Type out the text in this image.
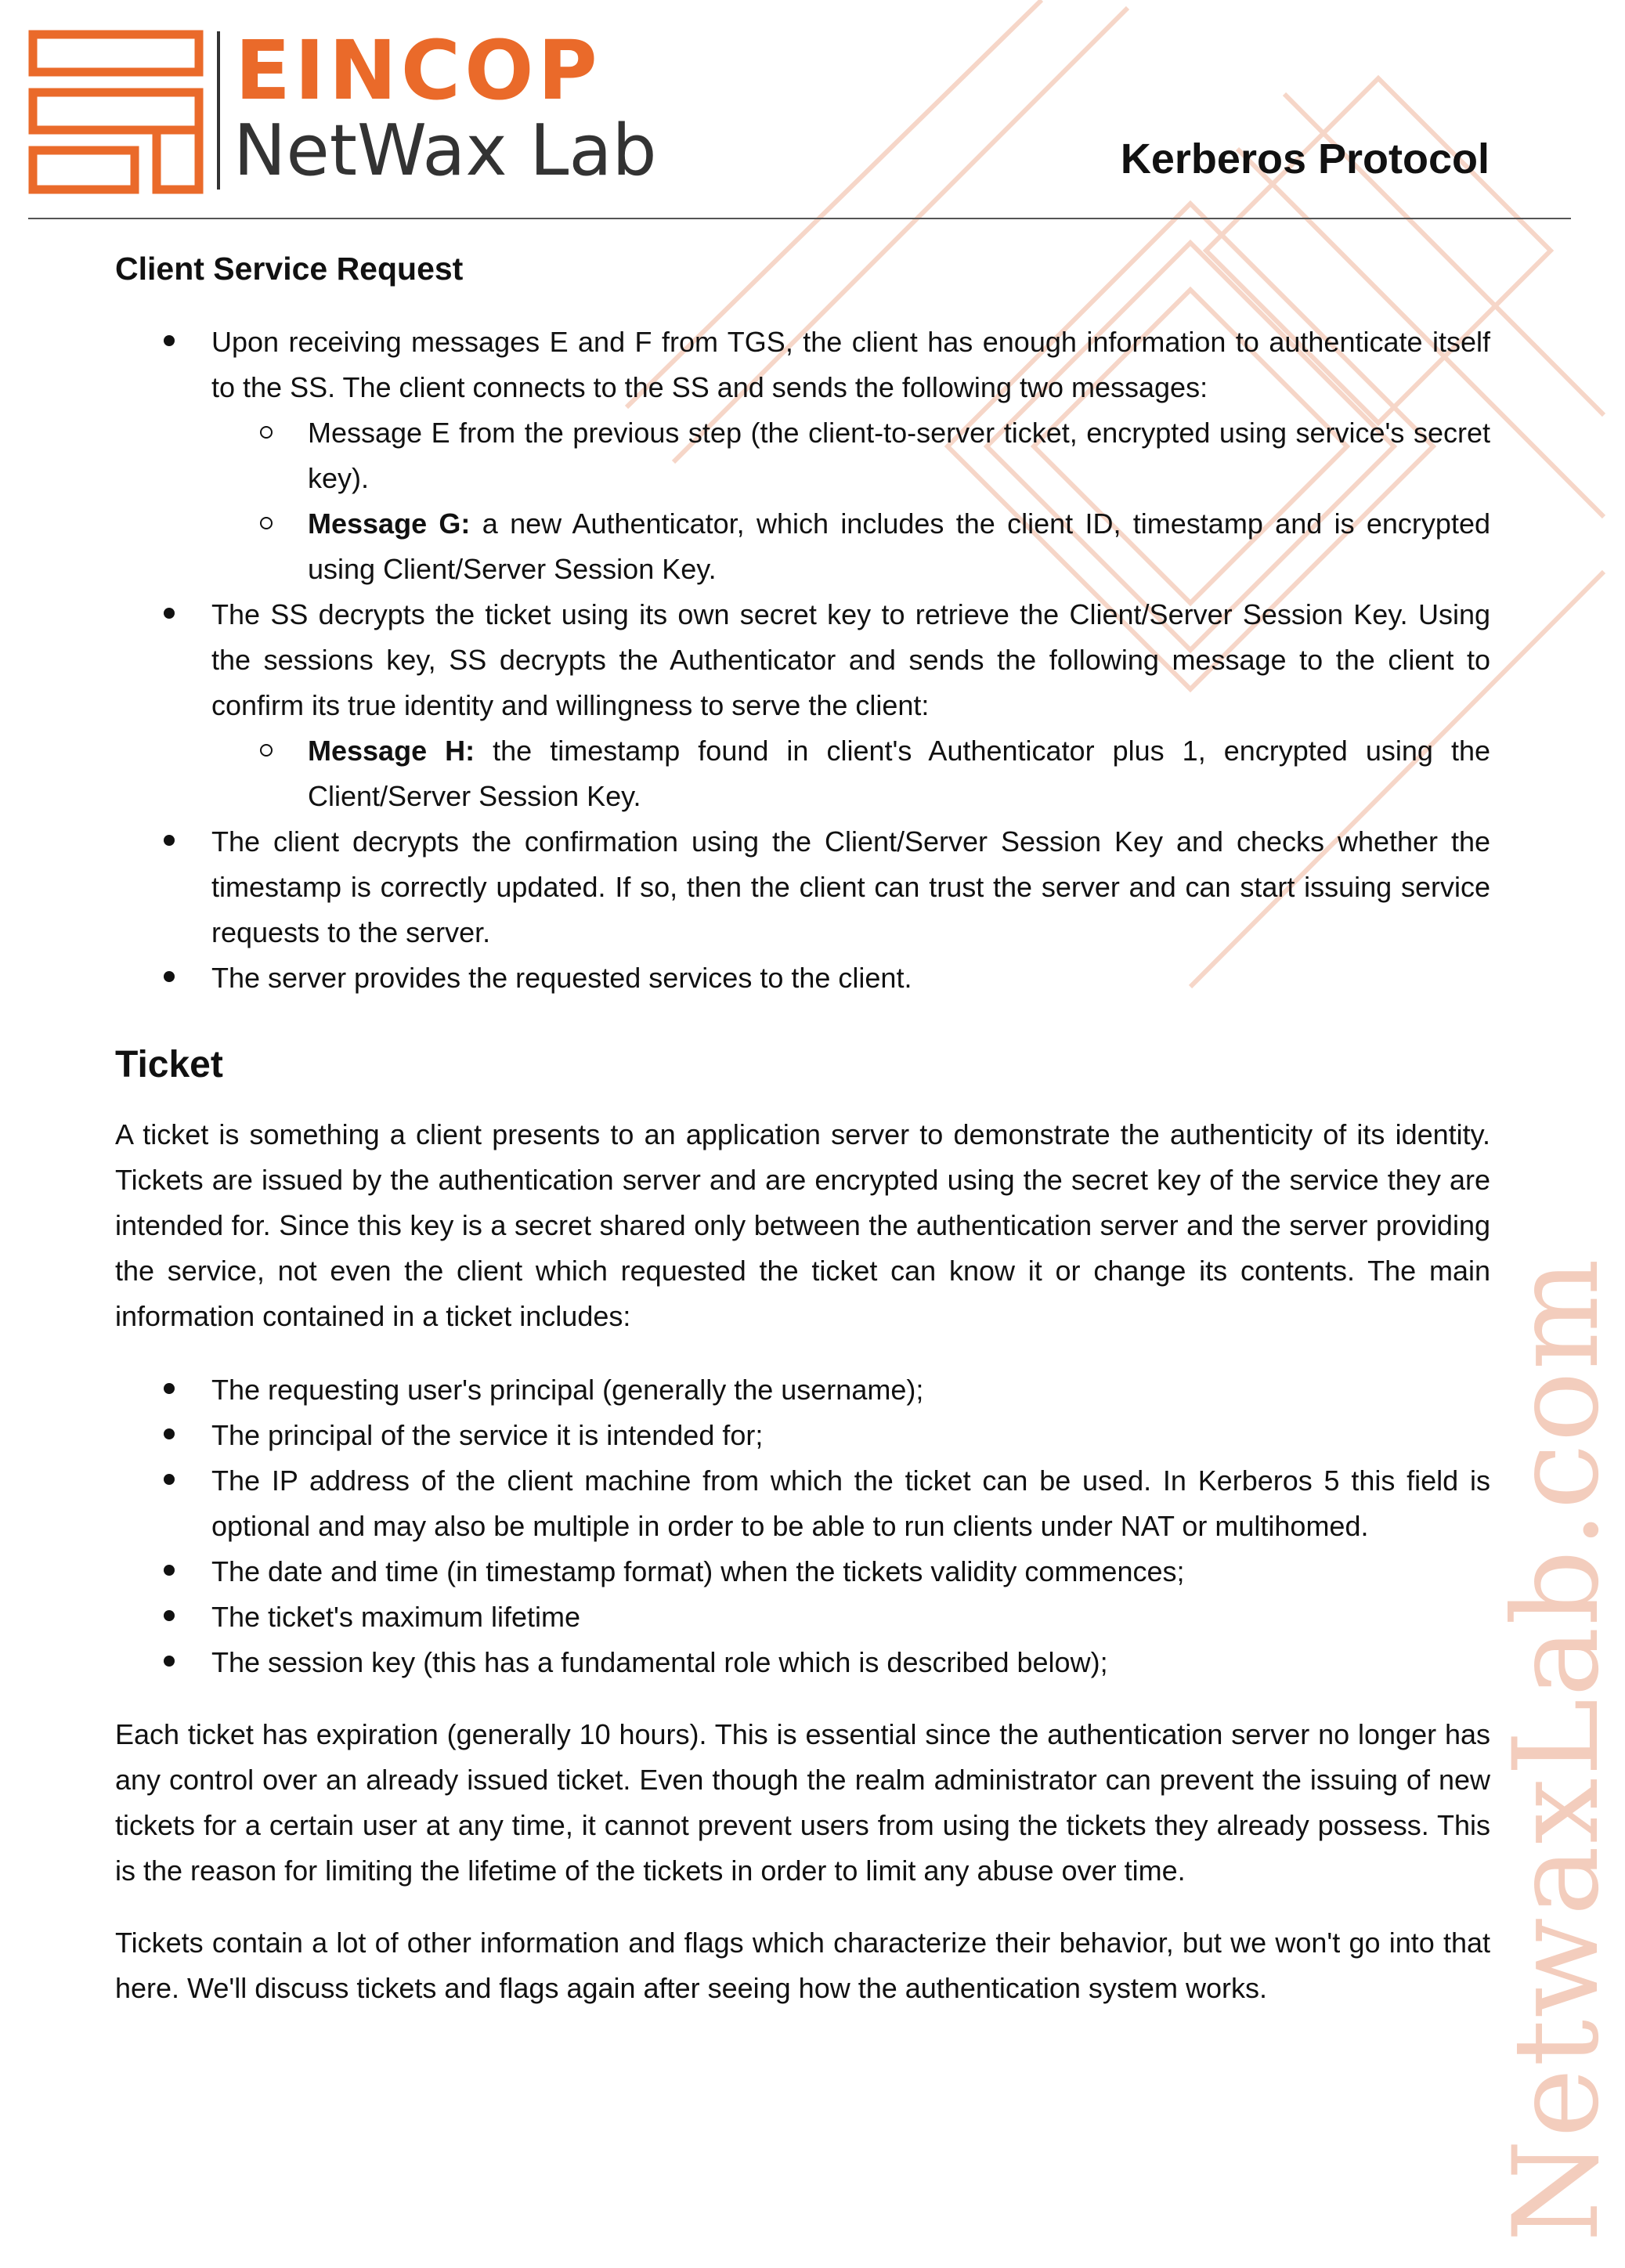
NetwaxLab.com
EINCOP
NetWax Lab	Kerberos Protocol
Client Service Request
Upon receiving messages E and F from TGS, the client has enough information to authenticate itself to the SS. The client connects to the SS and sends the following two messages:
Message E from the previous step (the client-to-server ticket, encrypted using service's secret key).
Message G: a new Authenticator, which includes the client ID, timestamp and is encrypted using Client/Server Session Key.
The SS decrypts the ticket using its own secret key to retrieve the Client/Server Session Key. Using the sessions key, SS decrypts the Authenticator and sends the following message to the client to confirm its true identity and willingness to serve the client:
Message H: the timestamp found in client's Authenticator plus 1, encrypted using the Client/Server Session Key.
The client decrypts the confirmation using the Client/Server Session Key and checks whether the timestamp is correctly updated. If so, then the client can trust the server and can start issuing service requests to the server.
The server provides the requested services to the client.
Ticket

A ticket is something a client presents to an application server to demonstrate the authenticity of its identity. Tickets are issued by the authentication server and are encrypted using the secret key of the service they are intended for. Since this key is a secret shared only between the authentication server and the server providing the service, not even the client which requested the ticket can know it or change its contents. The main information contained in a ticket includes:

The requesting user's principal (generally the username);
The principal of the service it is intended for;
The IP address of the client machine from which the ticket can be used. In Kerberos 5 this field is optional and may also be multiple in order to be able to run clients under NAT or multihomed.
The date and time (in timestamp format) when the tickets validity commences;
The ticket's maximum lifetime
The session key (this has a fundamental role which is described below);

Each ticket has expiration (generally 10 hours). This is essential since the authentication server no longer has any control over an already issued ticket. Even though the realm administrator can prevent the issuing of new tickets for a certain user at any time, it cannot prevent users from using the tickets they already possess. This is the reason for limiting the lifetime of the tickets in order to limit any abuse over time.

Tickets contain a lot of other information and flags which characterize their behavior, but we won't go into that here. We'll discuss tickets and flags again after seeing how the authentication system works.
